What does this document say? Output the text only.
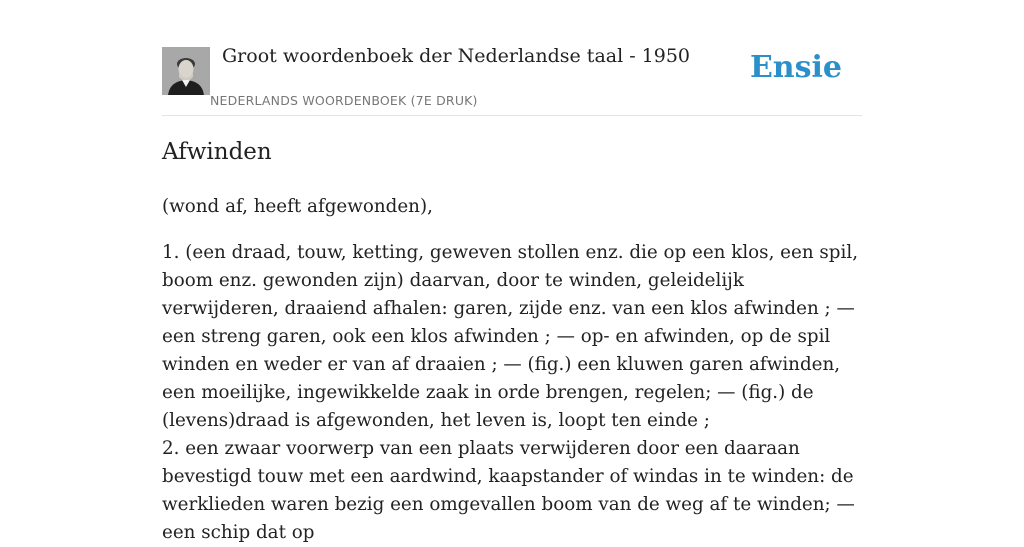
Groot woordenboek der Nederlandse taal - 1950
NEDERLANDS WOORDENBOEK (7E DRUK)
Ensie
Afwinden
(wond af, heeft afgewonden),

1. (een draad, touw, ketting, geweven stollen enz. die op een klos, een spil, boom enz. gewonden zijn) daarvan, door te winden, geleidelijk verwijderen, draaiend afhalen: garen, zijde enz. van een klos afwinden ; — een streng garen, ook een klos afwinden ; — op- en afwinden, op de spil winden en weder er van af draaien ; — (fig.) een kluwen garen afwinden, een moeilijke, ingewikkelde zaak in orde brengen, regelen; — (fig.) de (levens)draad is afgewonden, het leven is, loopt ten einde ;

2. een zwaar voorwerp van een plaats verwijderen door een daaraan bevestigd touw met een aardwind, kaapstander of windas in te winden: de werklieden waren bezig een omgevallen boom van de weg af te winden; — een schip dat op
